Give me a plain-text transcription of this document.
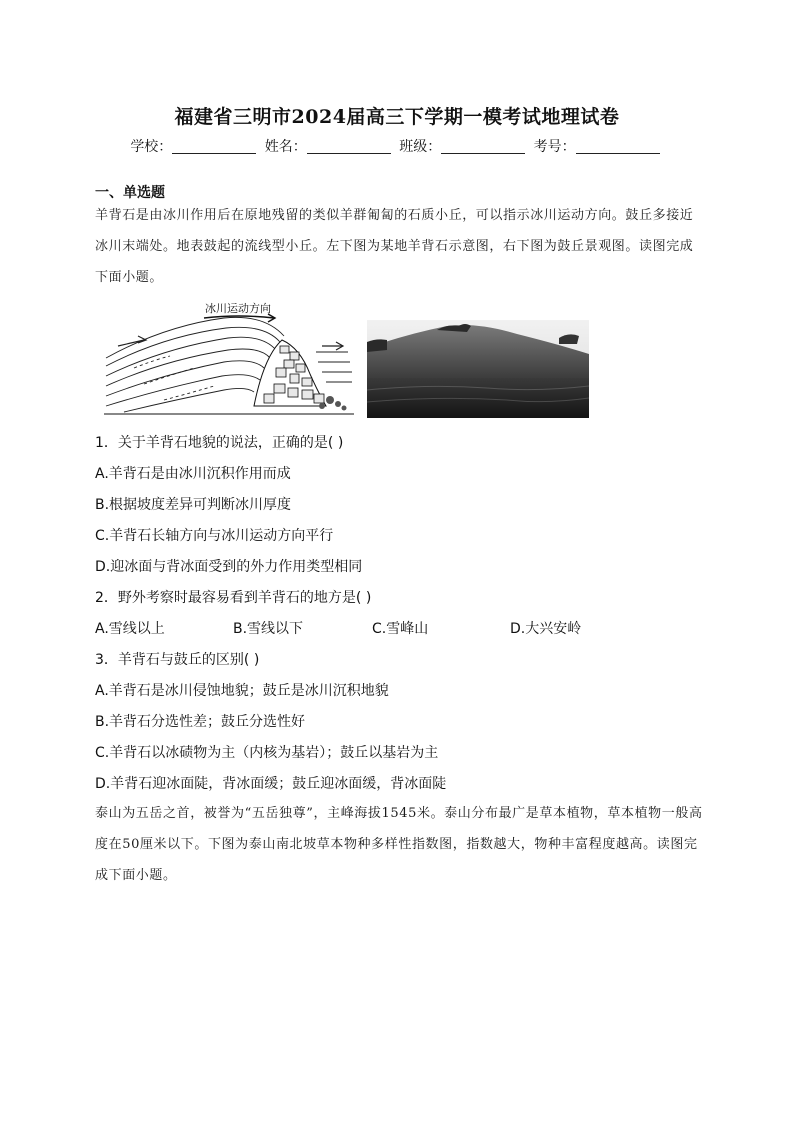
福建省三明市2024届高三下学期一模考试地理试卷
学校：	姓名：	班级：	考号：
一、单选题
羊背石是由冰川作用后在原地残留的类似羊群匍匐的石质小丘，可以指示冰川运动方向。鼓丘多接近冰川末端处。地表鼓起的流线型小丘。左下图为某地羊背石示意图，右下图为鼓丘景观图。读图完成下面小题。
冰川运动方向
1．关于羊背石地貌的说法，正确的是( )
A.羊背石是由冰川沉积作用而成
B.根据坡度差异可判断冰川厚度
C.羊背石长轴方向与冰川运动方向平行
D.迎冰面与背冰面受到的外力作用类型相同
2．野外考察时最容易看到羊背石的地方是( )
A.雪线以上	B.雪线以下	C.雪峰山	D.大兴安岭
3．羊背石与鼓丘的区别( )
A.羊背石是冰川侵蚀地貌；鼓丘是冰川沉积地貌
B.羊背石分选性差；鼓丘分选性好
C.羊背石以冰碛物为主（内核为基岩）；鼓丘以基岩为主
D.羊背石迎冰面陡，背冰面缓；鼓丘迎冰面缓，背冰面陡
泰山为五岳之首，被誉为“五岳独尊”，主峰海拔1545米。泰山分布最广是草本植物，草本植物一般高度在50厘米以下。下图为泰山南北坡草本物种多样性指数图，指数越大，物种丰富程度越高。读图完成下面小题。
